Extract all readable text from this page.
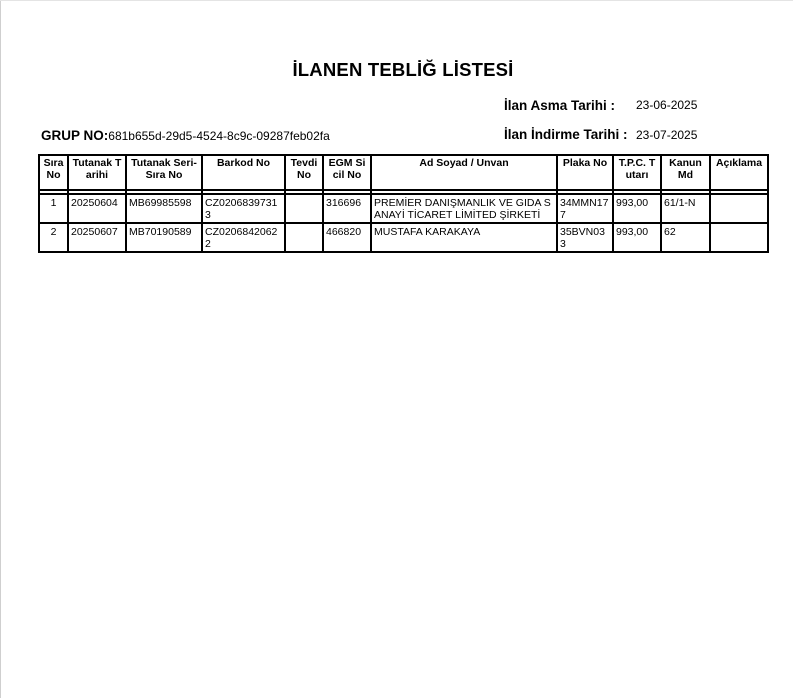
İLANEN TEBLİĞ LİSTESİ
İlan Asma Tarihi : 23-06-2025
İlan İndirme Tarihi : 23-07-2025
GRUP NO:681b655d-29d5-4524-8c9c-09287feb02fa
Sıra No	Tutanak Tarihi	Tutanak Seri-Sıra No	Barkod No	Tevdi No	EGM Sicil No	Ad Soyad / Unvan	Plaka No	T.P.C. Tutarı	Kanun Md	Açıklama

1	20250604	MB69985598	CZ02068397313		316696	PREMİER DANIŞMANLIK VE GIDA SANAYİ TİCARET LİMİTED ŞİRKETİ	34MMN177	993,00	61/1-N	
2	20250607	MB70190589	CZ02068420622		466820	MUSTAFA KARAKAYA	35BVN033	993,00	62	
